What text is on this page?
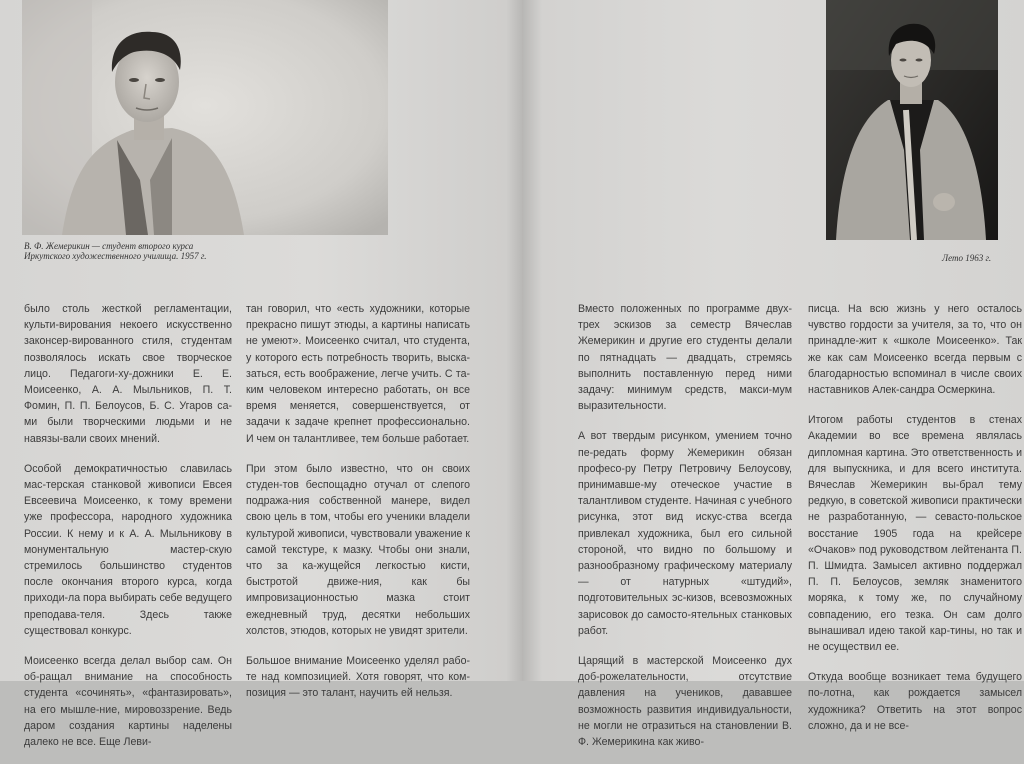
В. Ф. Жемерикин — студент второго курса
Иркутского художественного училища. 1957 г.

было столь жесткой регламентации, культи-вирования некоего искусственно законсер-вированного стиля, студентам позволялось искать свое творческое лицо. Педагоги-ху-дожники Е. Е. Моисеенко, А. А. Мыльников, П. Т. Фомин, П. П. Белоусов, Б. С. Угаров са-ми были творческими людьми и не навязы-вали своих мнений.

Особой демократичностью славилась мас-терская станковой живописи Евсея Евсеевича Моисеенко, к тому времени уже профессора, народного художника России. К нему и к А. А. Мыльникову в монументальную мастер-скую стремилось большинство студентов после окончания второго курса, когда приходи-ла пора выбирать себе ведущего преподава-теля. Здесь также существовал конкурс.

Моисеенко всегда делал выбор сам. Он об-ращал внимание на способность студента «сочинять», «фантазировать», на его мышле-ние, мировоззрение. Ведь даром создания картины наделены далеко не все. Еще Леви-

тан говорил, что «есть художники, которые прекрасно пишут этюды, а картины написать не умеют». Моисеенко считал, что студента, у которого есть потребность творить, выска-заться, есть воображение, легче учить. С та-ким человеком интересно работать, он все время меняется, совершенствуется, от задачи к задаче крепнет профессионально. И чем он талантливее, тем больше работает.

При этом было известно, что он своих студен-тов беспощадно отучал от слепого подража-ния собственной манере, видел свою цель в том, чтобы его ученики владели культурой живописи, чувствовали уважение к самой текстуре, к мазку. Чтобы они знали, что за ка-жущейся легкостью кисти, быстротой движе-ния, как бы импровизационностью мазка стоит ежедневный труд, десятки небольших холстов, этюдов, которых не увидят зрители.

Большое внимание Моисеенко уделял рабо-те над композицией. Хотя говорят, что ком-позиция — это талант, научить ей нельзя.

Лето 1963 г.

Вместо положенных по программе двух-трех эскизов за семестр Вячеслав Жемерикин и другие его студенты делали по пятнадцать — двадцать, стремясь выполнить поставленную перед ними задачу: минимум средств, макси-мум выразительности.

А вот твердым рисунком, умением точно пе-редать форму Жемерикин обязан професо-ру Петру Петровичу Белоусову, принимавше-му отеческое участие в талантливом студенте. Начиная с учебного рисунка, этот вид искус-ства всегда привлекал художника, был его сильной стороной, что видно по большому и разнообразному графическому материалу — от натурных «штудий», подготовительных эс-кизов, всевозможных зарисовок до самосто-ятельных станковых работ.

Царящий в мастерской Моисеенко дух доб-рожелательности, отсутствие давления на учеников, дававшее возможность развития индивидуальности, не могли не отразиться на становлении В. Ф. Жемерикина как живо-

писца. На всю жизнь у него осталось чувство гордости за учителя, за то, что он принадле-жит к «школе Моисеенко». Так же как сам Моисеенко всегда первым с благодарностью вспоминал в числе своих наставников Алек-сандра Осмеркина.

Итогом работы студентов в стенах Академии во все времена являлась дипломная картина. Это ответственность и для выпускника, и для всего института. Вячеслав Жемерикин вы-брал тему редкую, в советской живописи практически не разработанную, — севасто-польское восстание 1905 года на крейсере «Очаков» под руководством лейтенанта П. П. Шмидта. Замысел активно поддержал П. П. Белоусов, земляк знаменитого моряка, к тому же, по случайному совпадению, его тезка. Он сам долго вынашивал идею такой кар-тины, но так и не осуществил ее.

Откуда вообще возникает тема будущего по-лотна, как рождается замысел художника? Ответить на этот вопрос сложно, да и не все-
